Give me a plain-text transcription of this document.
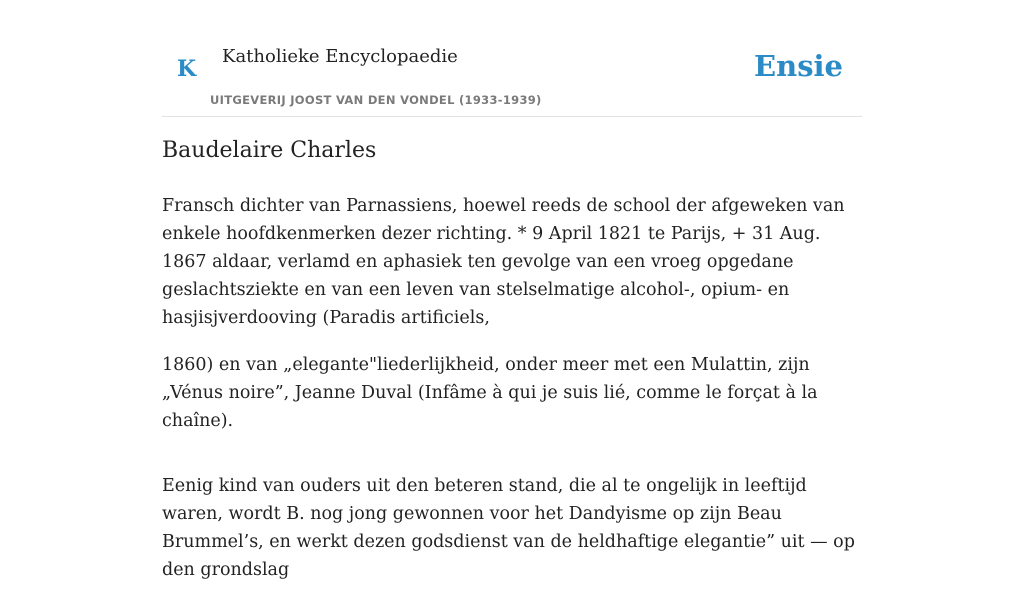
K Katholieke Encyclopaedie
UITGEVERIJ JOOST VAN DEN VONDEL (1933-1939)
Ensie
Baudelaire Charles

Fransch dichter van Parnassiens, hoewel reeds de school der afgeweken van enkele hoofdkenmerken dezer richting. * 9 April 1821 te Parijs, + 31 Aug. 1867 aldaar, verlamd en aphasiek ten gevolge van een vroeg opgedane geslachtsziekte en van een leven van stelselmatige alcohol-, opium- en hasjisjverdooving (Paradis artificiels,

1860) en van „elegante"liederlijkheid, onder meer met een Mulattin, zijn „Vénus noire”, Jeanne Duval (Infâme à qui je suis lié, comme le forçat à la chaîne).

Eenig kind van ouders uit den beteren stand, die al te ongelijk in leeftijd waren, wordt B. nog jong gewonnen voor het Dandyisme op zijn Beau Brummel’s, en werkt dezen godsdienst van de heldhaftige elegantie” uit — op den grondslag
